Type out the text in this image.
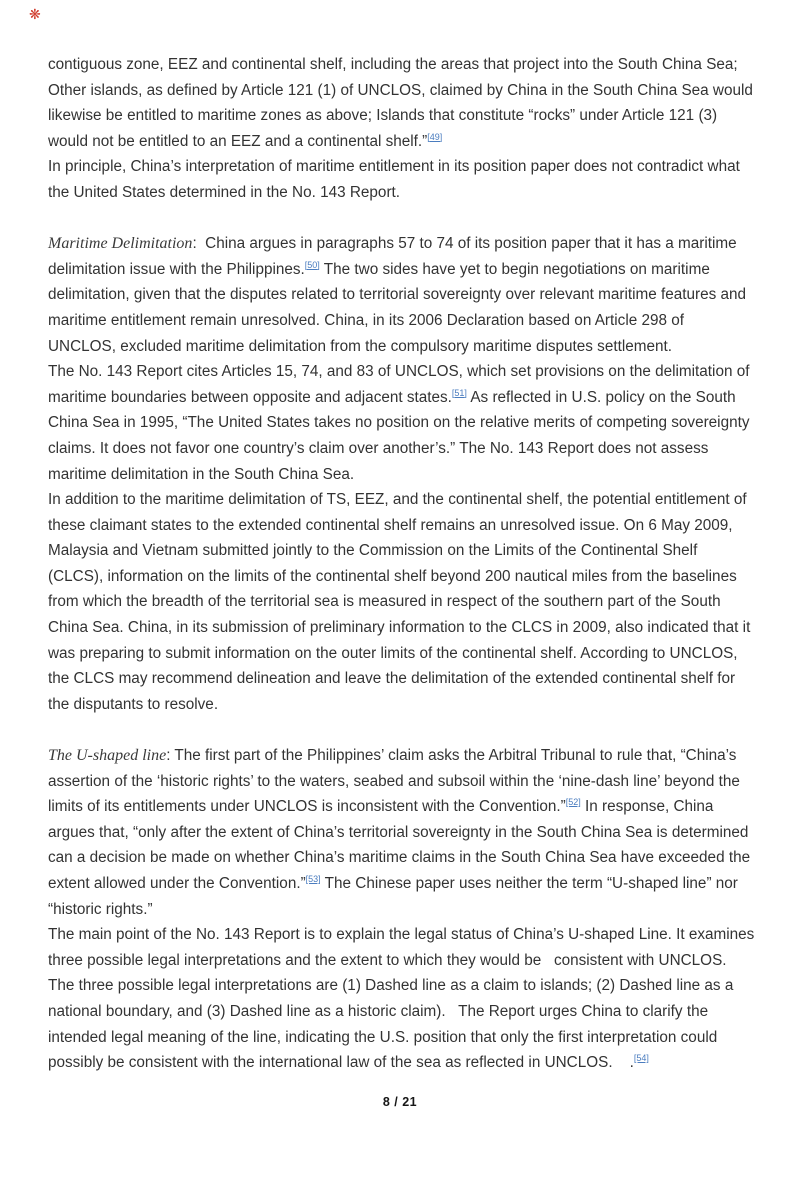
❋
contiguous zone, EEZ and continental shelf, including the areas that project into the South China Sea; Other islands, as defined by Article 121 (1) of UNCLOS, claimed by China in the South China Sea would likewise be entitled to maritime zones as above; Islands that constitute “rocks” under Article 121 (3) would not be entitled to an EEZ and a continental shelf.”[49]
In principle, China’s interpretation of maritime entitlement in its position paper does not contradict what the United States determined in the No. 143 Report.
Maritime Delimitation:  China argues in paragraphs 57 to 74 of its position paper that it has a maritime delimitation issue with the Philippines.[50] The two sides have yet to begin negotiations on maritime delimitation, given that the disputes related to territorial sovereignty over relevant maritime features and maritime entitlement remain unresolved. China, in its 2006 Declaration based on Article 298 of UNCLOS, excluded maritime delimitation from the compulsory maritime disputes settlement.
The No. 143 Report cites Articles 15, 74, and 83 of UNCLOS, which set provisions on the delimitation of maritime boundaries between opposite and adjacent states.[51] As reflected in U.S. policy on the South China Sea in 1995, “The United States takes no position on the relative merits of competing sovereignty claims. It does not favor one country’s claim over another’s.” The No. 143 Report does not assess maritime delimitation in the South China Sea.
In addition to the maritime delimitation of TS, EEZ, and the continental shelf, the potential entitlement of these claimant states to the extended continental shelf remains an unresolved issue. On 6 May 2009, Malaysia and Vietnam submitted jointly to the Commission on the Limits of the Continental Shelf (CLCS), information on the limits of the continental shelf beyond 200 nautical miles from the baselines from which the breadth of the territorial sea is measured in respect of the southern part of the South China Sea. China, in its submission of preliminary information to the CLCS in 2009, also indicated that it was preparing to submit information on the outer limits of the continental shelf. According to UNCLOS, the CLCS may recommend delineation and leave the delimitation of the extended continental shelf for the disputants to resolve.
The U-shaped line: The first part of the Philippines’ claim asks the Arbitral Tribunal to rule that, “China’s assertion of the ‘historic rights’ to the waters, seabed and subsoil within the ‘nine-dash line’ beyond the limits of its entitlements under UNCLOS is inconsistent with the Convention.”[52] In response, China argues that, “only after the extent of China’s territorial sovereignty in the South China Sea is determined can a decision be made on whether China’s maritime claims in the South China Sea have exceeded the extent allowed under the Convention.”[53] The Chinese paper uses neither the term “U-shaped line” nor “historic rights.”
The main point of the No. 143 Report is to explain the legal status of China’s U-shaped Line. It examines three possible legal interpretations and the extent to which they would be   consistent with UNCLOS. The three possible legal interpretations are (1) Dashed line as a claim to islands; (2) Dashed line as a national boundary, and (3) Dashed line as a historic claim).   The Report urges China to clarify the intended legal meaning of the line, indicating the U.S. position that only the first interpretation could possibly be consistent with the international law of the sea as reflected in UNCLOS.    .[54]
8 / 21
